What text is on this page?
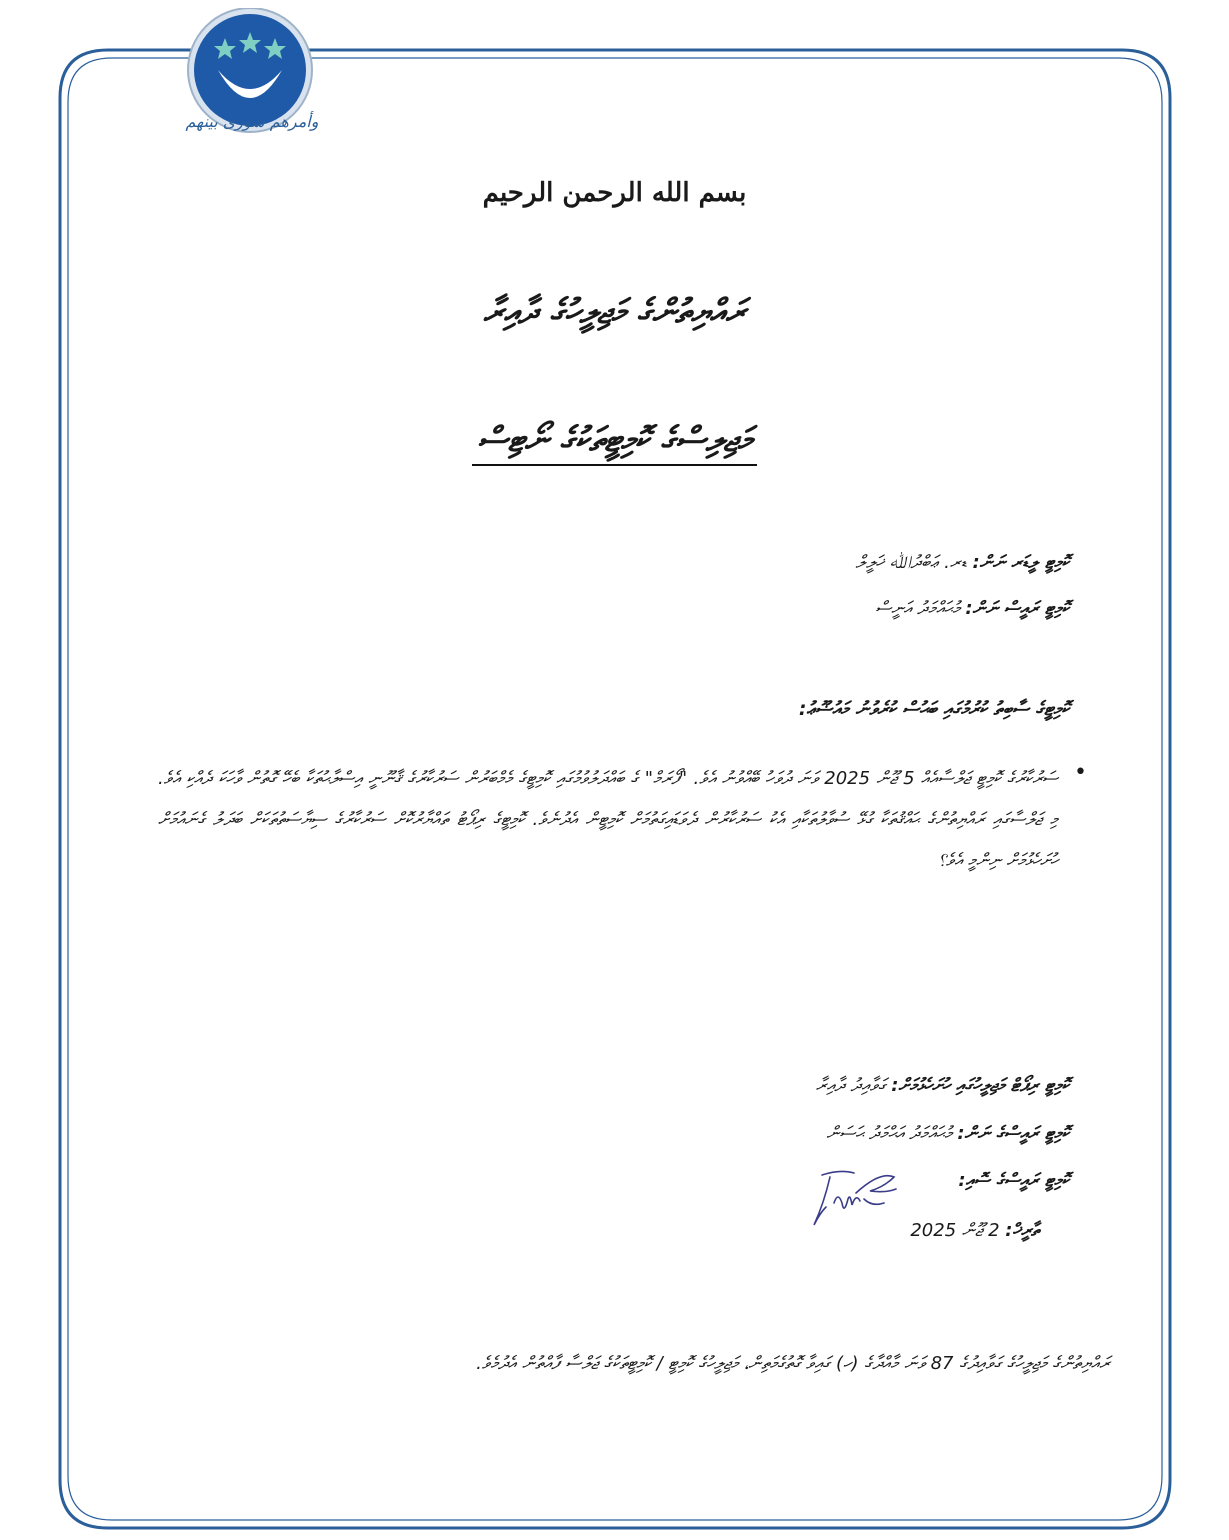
وأمرهم شورى بينهم
بسم الله الرحمن الرحيم
ރައްޔިތުންގެ މަޖިލީހުގެ ދާއިރާ
މަޖިލިސްގެ ކޮމިޓީތަކުގެ ނޯޓިސް
ކޮމިޓީ ލީޑަރ ނަން: ޑރ. ޢަބްދުﷲ ޚަލީލް
ކޮމިޓީ ރައީސް ނަން: މުޙައްމަދު އަނީސް
ކޮމިޓީގެ ސާބިތު ކުރުމުގައި ބަޙުސް ކުރެވުނު މައުޟޫޢު:
•
ސަރުކާރުގެ ކޮމިޓީ ޖަލްސާއެއް 5 ޖޫން 2025 ވަނަ ދުވަހު ބޭއްވުނު އެވެ. "ފޯރަމް" ގެ ބައްދަލުވުމުގައި ކޮމިޓީގެ މެމްބަރުން ސަރުކާރުގެ ޤާނޫނީ އިސްލާޙުތަކާ ބެހޭ ގޮތުން ވާހަކަ ދެއްކި އެވެ. މި ޖަލްސާގައި ރައްޔިތުންގެ ޙައްޤުތަކާ ގުޅޭ ސުވާލުތަކާއި އެކު ސަރުކާރުން ދެވަޑައިގަތުމަށް ކޮމިޓީން އެދުނެވެ. ކޮމިޓީގެ ރިޕޯޓު ތައްޔާރުކޮށް ސަރުކާރުގެ ސިޔާސަތުތަކަށް ބަދަލު ގެނައުމަށް ހުށަހެޅުމަށް ނިންމީ އެވެ؟
ކޮމިޓީ ރިޕޯޓް މަޖިލީހުގައި ހުށަހެޅުމަށް: ގަވާއިދު ދާއިރާ
ކޮމިޓީ ރައީސްގެ ނަން: މުޙައްމަދު އަޙްމަދު ޙަސަން
ކޮމިޓީ ރައީސްގެ ސޮއި:
ތާރީޚް: 2 ޖޫން 2025
ރައްޔިތުންގެ މަޖިލީހުގެ ގަވާއިދުގެ 87 ވަނަ މާއްދާގެ (ހ) ގައިވާ ގޮތުގެމަތިން، މަޖިލީހުގެ ކޮމިޓީ / ކޮމިޓީތަކުގެ ޖަލްސާ ފާއްތުން އެދުމެވެ.
